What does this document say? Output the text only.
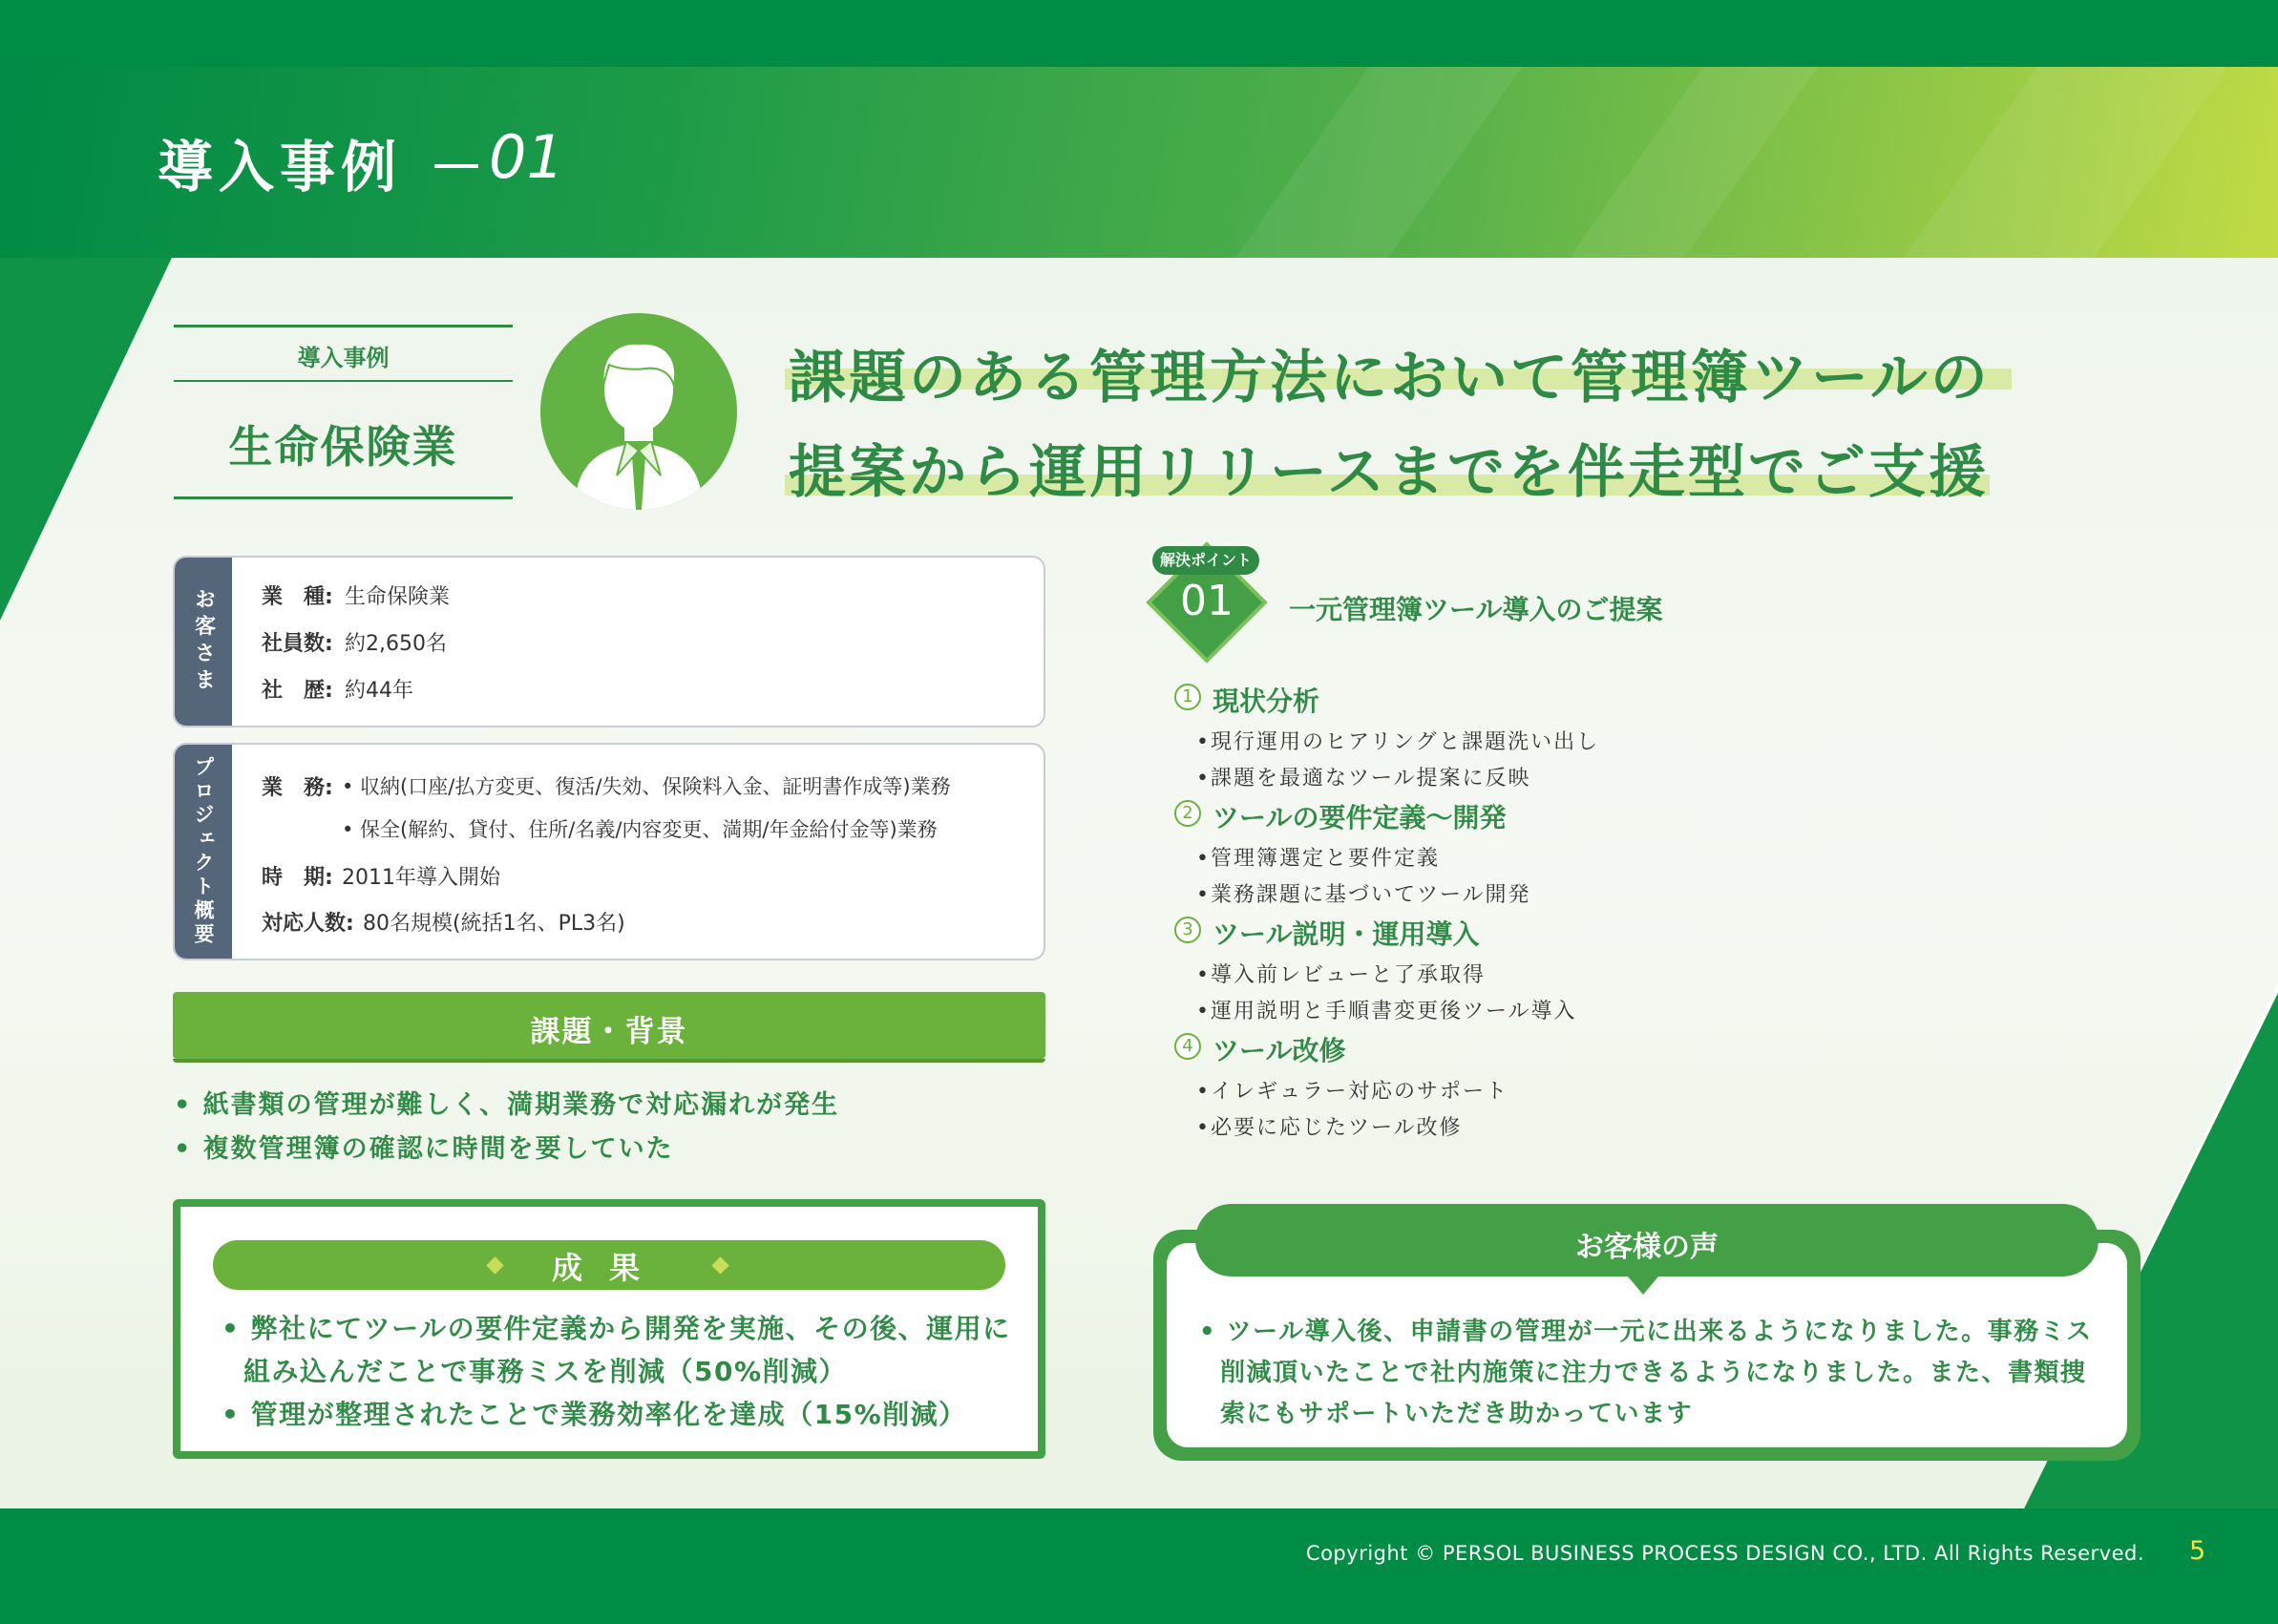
導入事例 01
導入事例
生命保険業
課題のある管理方法において管理簿ツールの
提案から運用リリースまでを伴走型でご支援
お客さま	業　種: 生命保険業
社員数: 約2,650名
社　歴: 約44年
プロジェクト概要	業　務: • 収納(口座/払方変更、復活/失効、保険料入金、証明書作成等)業務
• 保全(解約、貸付、住所/名義/内容変更、満期/年金給付金等)業務
時　期: 2011年導入開始
対応人数: 80名規模(統括1名、PL3名)
課題・背景
• 紙書類の管理が難しく、満期業務で対応漏れが発生
• 複数管理簿の確認に時間を要していた
成果
• 弊社にてツールの要件定義から開発を実施、その後、運用に
組み込んだことで事務ミスを削減（50%削減）
• 管理が整理されたことで業務効率化を達成（15%削減）
解決ポイント
01	一元管理簿ツール導入のご提案
1 現状分析
•現行運用のヒアリングと課題洗い出し
•課題を最適なツール提案に反映
2 ツールの要件定義～開発
•管理簿選定と要件定義
•業務課題に基づいてツール開発
3 ツール説明・運用導入
•導入前レビューと了承取得
•運用説明と手順書変更後ツール導入
4 ツール改修
•イレギュラー対応のサポート
•必要に応じたツール改修
お客様の声
• ツール導入後、申請書の管理が一元に出来るようになりました。事務ミス
削減頂いたことで社内施策に注力できるようになりました。また、書類捜
索にもサポートいただき助かっています
Copyright © PERSOL BUSINESS PROCESS DESIGN CO., LTD. All Rights Reserved. 5
